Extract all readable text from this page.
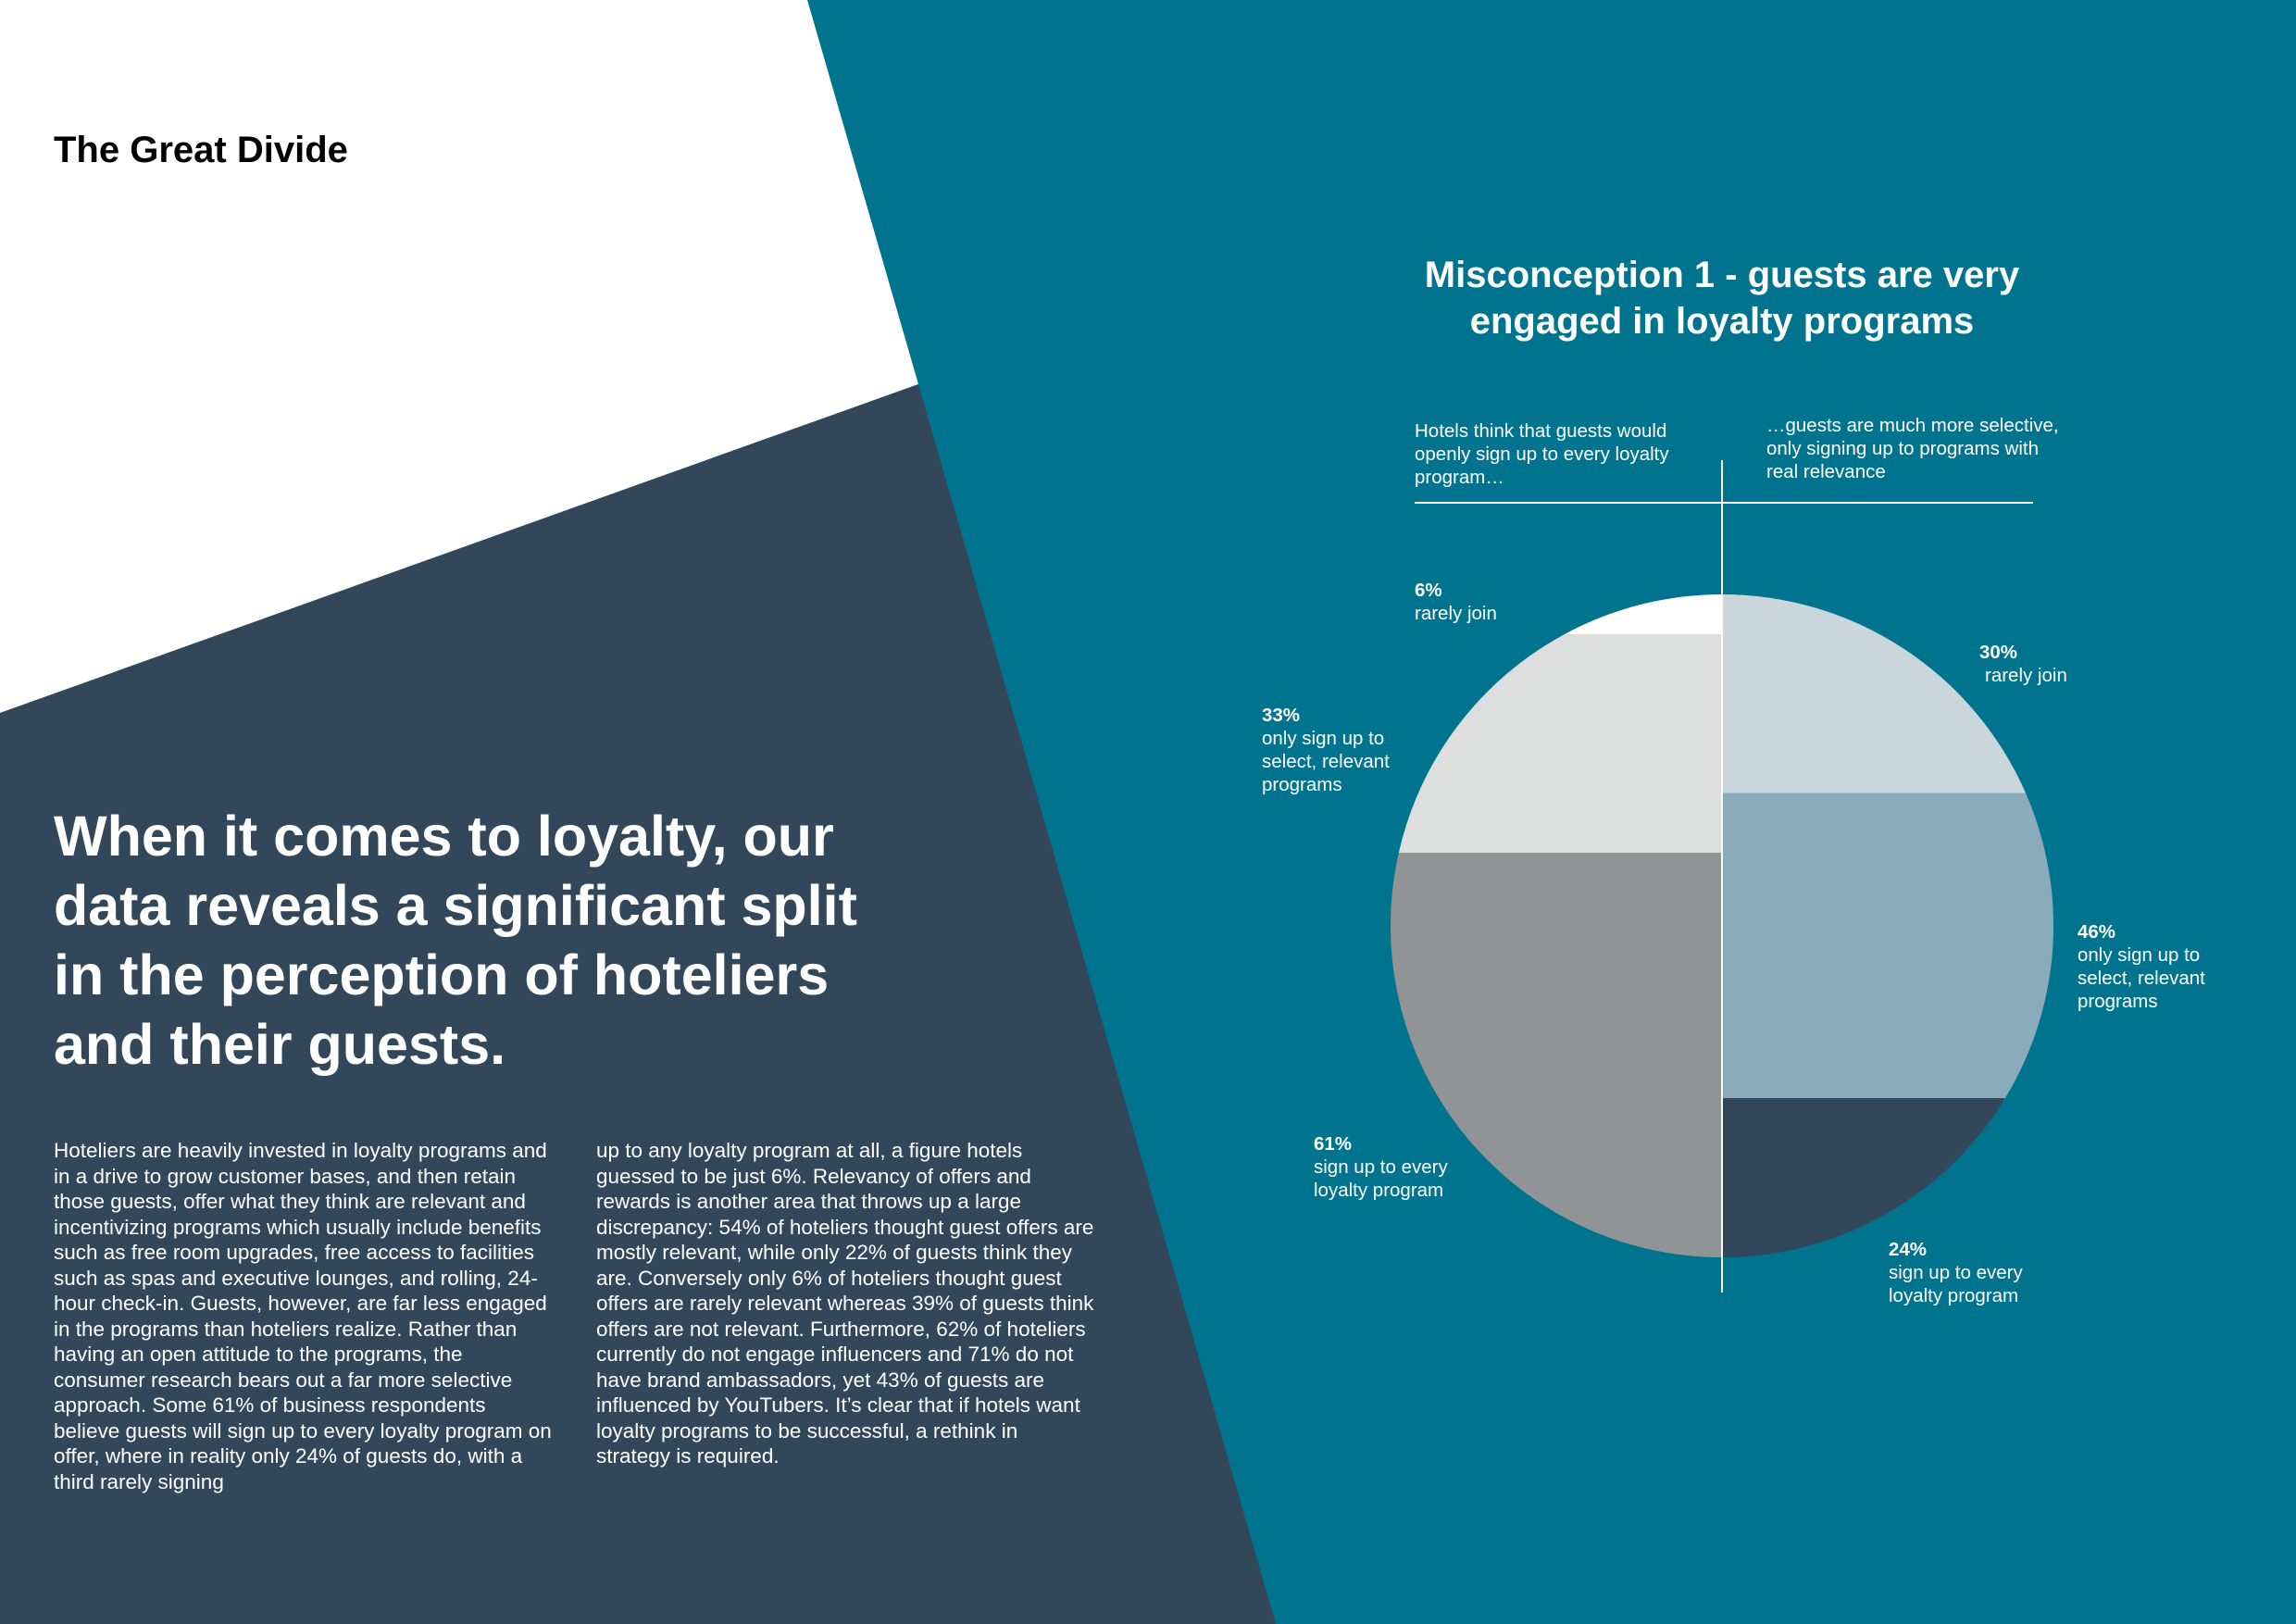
The Great Divide
When it comes to loyalty, our data reveals a significant split in the perception of hoteliers and their guests.

Hoteliers are heavily invested in loyalty programs and in a drive to grow customer bases, and then retain those guests, offer what they think are relevant and incentivizing programs which usually include benefits such as free room upgrades, free access to facilities such as spas and executive lounges, and rolling, 24-hour check-in. Guests, however, are far less engaged in the programs than hoteliers realize. Rather than having an open attitude to the programs, the consumer research bears out a far more selective approach. Some 61% of business respondents believe guests will sign up to every loyalty program on offer, where in reality only 24% of guests do, with a third rarely signing

up to any loyalty program at all, a figure hotels guessed to be just 6%. Relevancy of offers and rewards is another area that throws up a large discrepancy: 54% of hoteliers thought guest offers are mostly relevant, while only 22% of guests think they are. Conversely only 6% of hoteliers thought guest offers are rarely relevant whereas 39% of guests think offers are not relevant. Furthermore, 62% of hoteliers currently do not engage influencers and 71% do not have brand ambassadors, yet 43% of guests are influenced by YouTubers. It’s clear that if hotels want loyalty programs to be successful, a rethink in strategy is required.

Misconception 1 - guests are very engaged in loyalty programs

Hotels think that guests would openly sign up to every loyalty program…

…guests are much more selective, only signing up to programs with real relevance

6%
rarely join
33%
only sign up to select, relevant programs
61%
sign up to every loyalty program
30%
rarely join
46%
only sign up to select, relevant programs
24%
sign up to every loyalty program
